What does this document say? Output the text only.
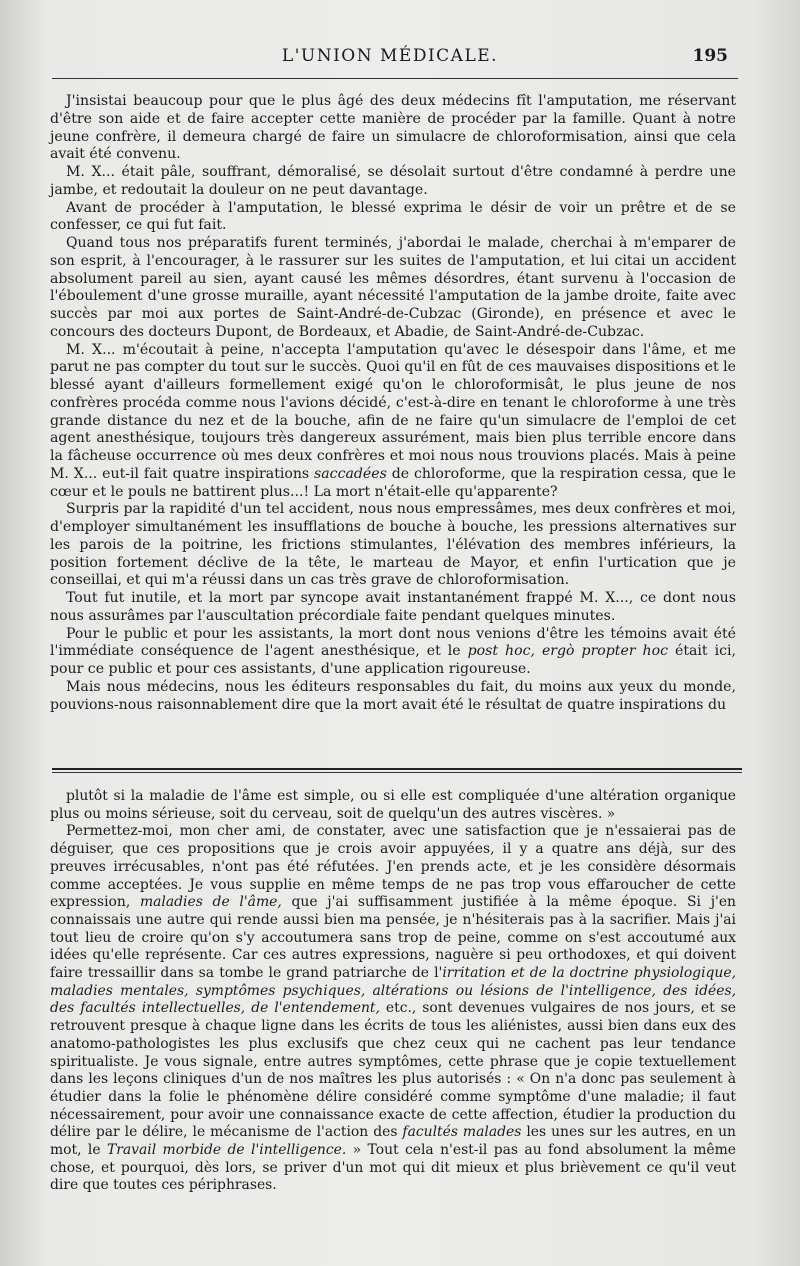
L'UNION MÉDICALE.	195

J'insistai beaucoup pour que le plus âgé des deux médecins fît l'amputation, me réservant d'être son aide et de faire accepter cette manière de procéder par la famille. Quant à notre jeune confrère, il demeura chargé de faire un simulacre de chloroformisation, ainsi que cela avait été convenu.

M. X... était pâle, souffrant, démoralisé, se désolait surtout d'être condamné à perdre une jambe, et redoutait la douleur on ne peut davantage.

Avant de procéder à l'amputation, le blessé exprima le désir de voir un prêtre et de se confesser, ce qui fut fait.

Quand tous nos préparatifs furent terminés, j'abordai le malade, cherchai à m'emparer de son esprit, à l'encourager, à le rassurer sur les suites de l'amputation, et lui citai un accident absolument pareil au sien, ayant causé les mêmes désordres, étant survenu à l'occasion de l'éboulement d'une grosse muraille, ayant nécessité l'amputation de la jambe droite, faite avec succès par moi aux portes de Saint-André-de-Cubzac (Gironde), en présence et avec le concours des docteurs Dupont, de Bordeaux, et Abadie, de Saint-André-de-Cubzac.

M. X... m'écoutait à peine, n'accepta l'amputation qu'avec le désespoir dans l'âme, et me parut ne pas compter du tout sur le succès. Quoi qu'il en fût de ces mauvaises dispositions et le blessé ayant d'ailleurs formellement exigé qu'on le chloroformisât, le plus jeune de nos confrères procéda comme nous l'avions décidé, c'est-à-dire en tenant le chloroforme à une très grande distance du nez et de la bouche, afin de ne faire qu'un simulacre de l'emploi de cet agent anesthésique, toujours très dangereux assurément, mais bien plus terrible encore dans la fâcheuse occurrence où mes deux confrères et moi nous nous trouvions placés. Mais à peine M. X... eut-il fait quatre inspirations saccadées de chloroforme, que la respiration cessa, que le cœur et le pouls ne battirent plus...! La mort n'était-elle qu'apparente?

Surpris par la rapidité d'un tel accident, nous nous empressâmes, mes deux confrères et moi, d'employer simultanément les insufflations de bouche à bouche, les pressions alternatives sur les parois de la poitrine, les frictions stimulantes, l'élévation des membres inférieurs, la position fortement déclive de la tête, le marteau de Mayor, et enfin l'urtication que je conseillai, et qui m'a réussi dans un cas très grave de chloroformisation.

Tout fut inutile, et la mort par syncope avait instantanément frappé M. X..., ce dont nous nous assurâmes par l'auscultation précordiale faite pendant quelques minutes.

Pour le public et pour les assistants, la mort dont nous venions d'être les témoins avait été l'immédiate conséquence de l'agent anesthésique, et le post hoc, ergò propter hoc était ici, pour ce public et pour ces assistants, d'une application rigoureuse.

Mais nous médecins, nous les éditeurs responsables du fait, du moins aux yeux du monde, pouvions-nous raisonnablement dire que la mort avait été le résultat de quatre inspirations du

plutôt si la maladie de l'âme est simple, ou si elle est compliquée d'une altération organique plus ou moins sérieuse, soit du cerveau, soit de quelqu'un des autres viscères. »

Permettez-moi, mon cher ami, de constater, avec une satisfaction que je n'essaierai pas de déguiser, que ces propositions que je crois avoir appuyées, il y a quatre ans déjà, sur des preuves irrécusables, n'ont pas été réfutées. J'en prends acte, et je les considère désormais comme acceptées. Je vous supplie en même temps de ne pas trop vous effaroucher de cette expression, maladies de l'âme, que j'ai suffisamment justifiée à la même époque. Si j'en connaissais une autre qui rende aussi bien ma pensée, je n'hésiterais pas à la sacrifier. Mais j'ai tout lieu de croire qu'on s'y accoutumera sans trop de peine, comme on s'est accoutumé aux idées qu'elle représente. Car ces autres expressions, naguère si peu orthodoxes, et qui doivent faire tressaillir dans sa tombe le grand patriarche de l'irritation et de la doctrine physiologique, maladies mentales, symptômes psychiques, altérations ou lésions de l'intelligence, des idées, des facultés intellectuelles, de l'entendement, etc., sont devenues vulgaires de nos jours, et se retrouvent presque à chaque ligne dans les écrits de tous les aliénistes, aussi bien dans eux des anatomo-pathologistes les plus exclusifs que chez ceux qui ne cachent pas leur tendance spiritualiste. Je vous signale, entre autres symptômes, cette phrase que je copie textuellement dans les leçons cliniques d'un de nos maîtres les plus autorisés : « On n'a donc pas seulement à étudier dans la folie le phénomène délire considéré comme symptôme d'une maladie; il faut nécessairement, pour avoir une connaissance exacte de cette affection, étudier la production du délire par le délire, le mécanisme de l'action des facultés malades les unes sur les autres, en un mot, le Travail morbide de l'intelligence. » Tout cela n'est-il pas au fond absolument la même chose, et pourquoi, dès lors, se priver d'un mot qui dit mieux et plus brièvement ce qu'il veut dire que toutes ces périphrases.
